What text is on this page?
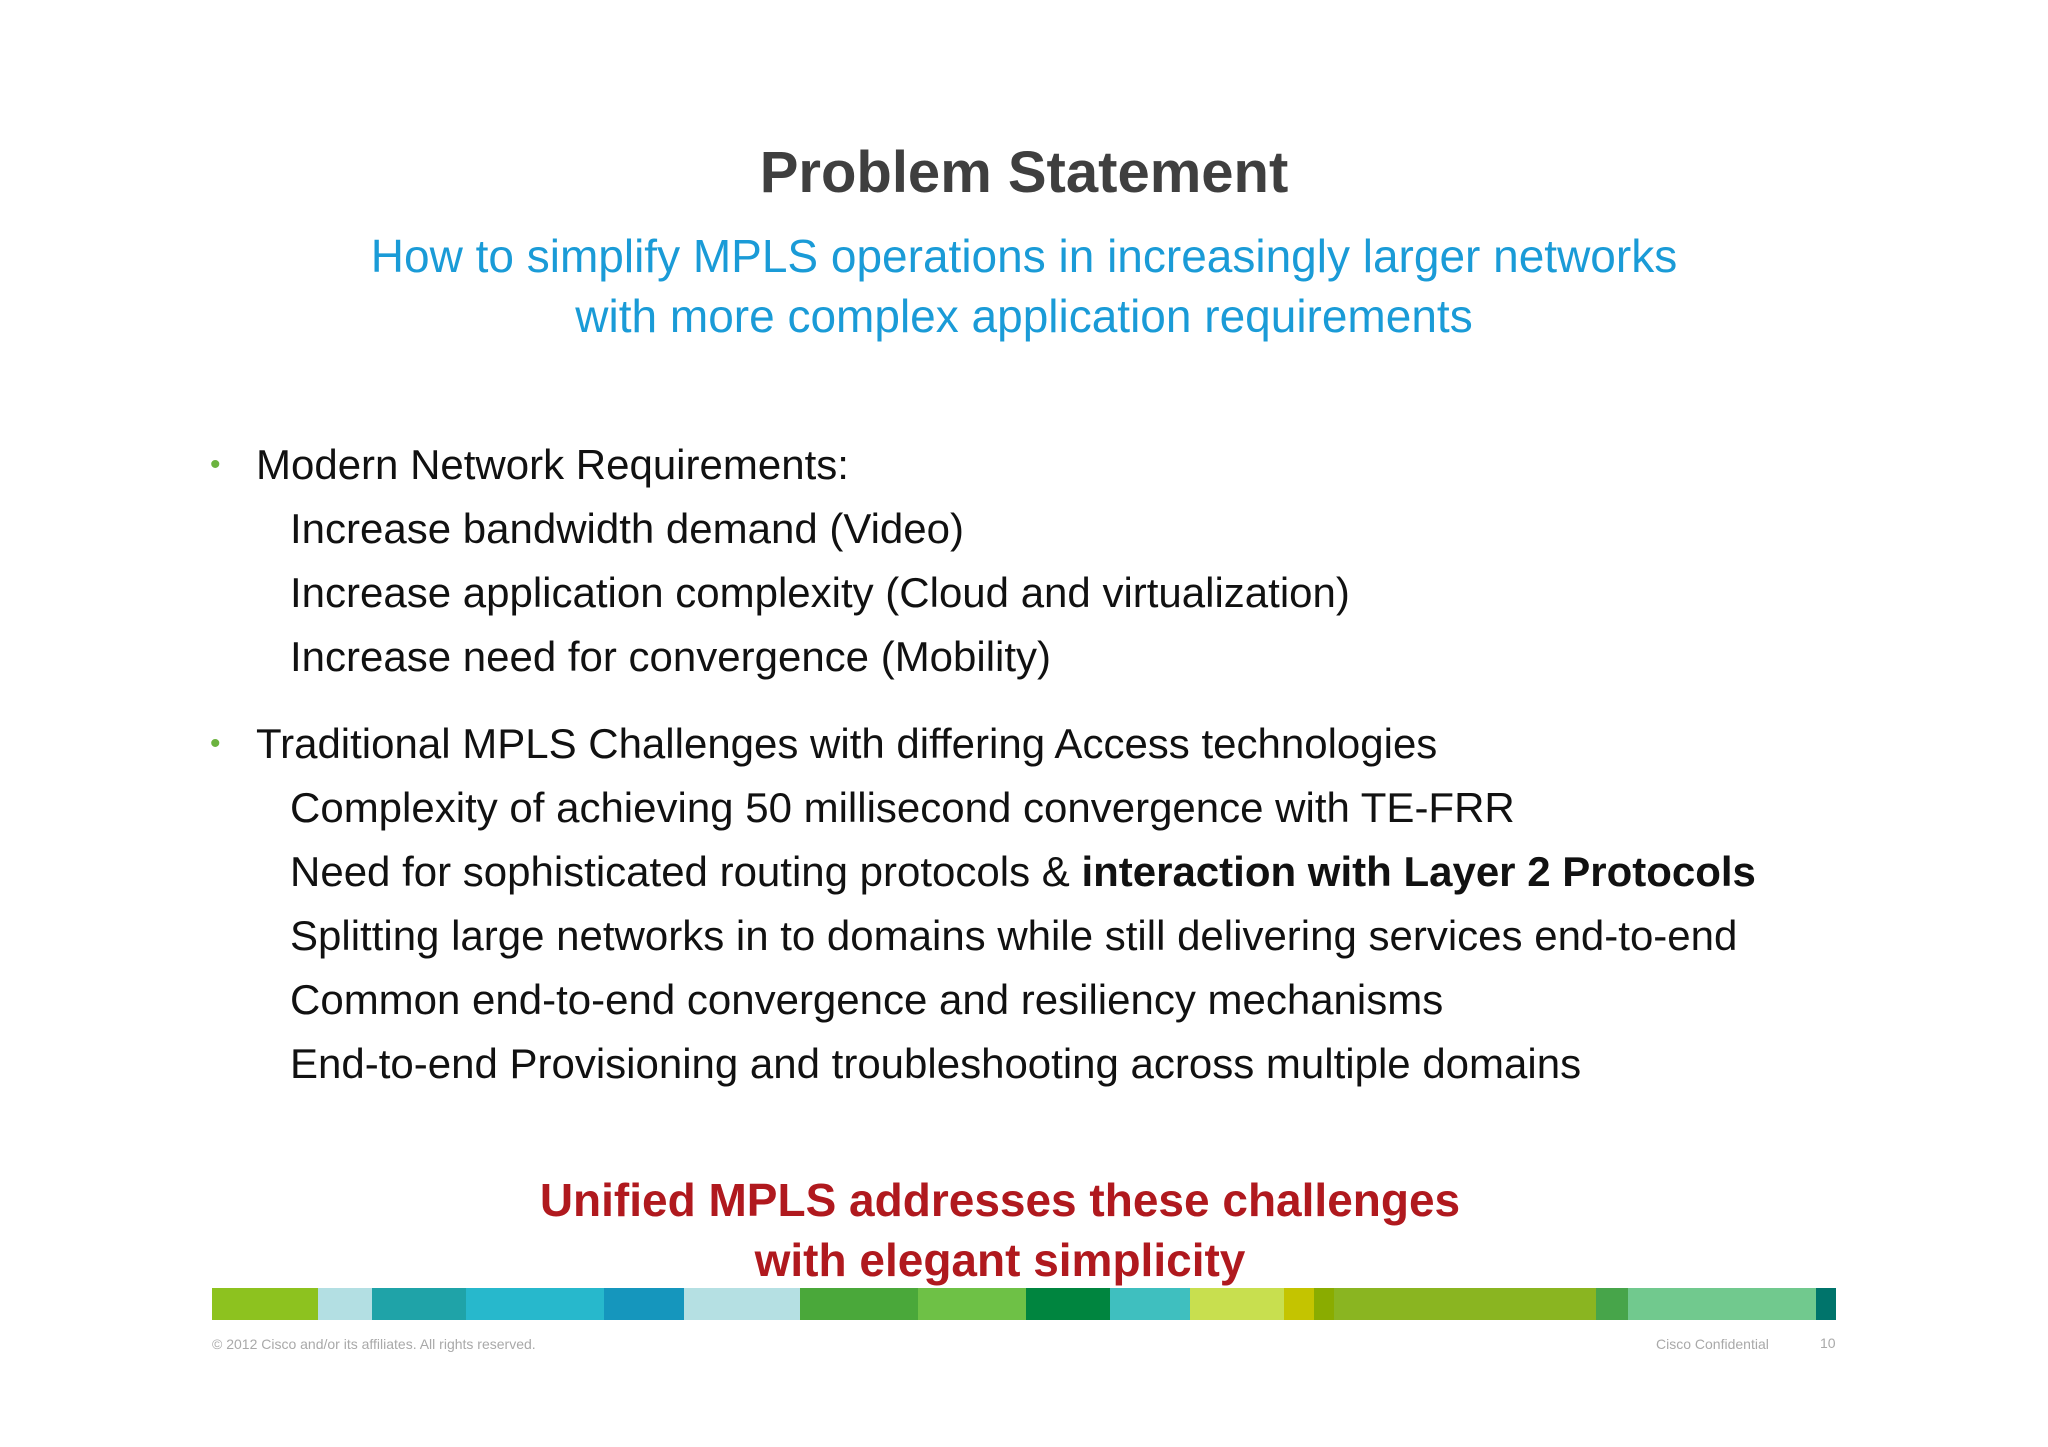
Problem Statement
How to simplify MPLS operations in increasingly larger networks
with more complex application requirements
• Modern Network Requirements:
Increase bandwidth demand (Video)
Increase application complexity (Cloud and virtualization)
Increase need for convergence (Mobility)
• Traditional MPLS Challenges with differing Access technologies
Complexity of achieving 50 millisecond convergence with TE-FRR
Need for sophisticated routing protocols & interaction with Layer 2 Protocols
Splitting large networks in to domains while still delivering services end-to-end
Common end-to-end convergence and resiliency mechanisms
End-to-end Provisioning and troubleshooting across multiple domains
Unified MPLS addresses these challenges
with elegant simplicity
© 2012 Cisco and/or its affiliates. All rights reserved.	Cisco Confidential	10
